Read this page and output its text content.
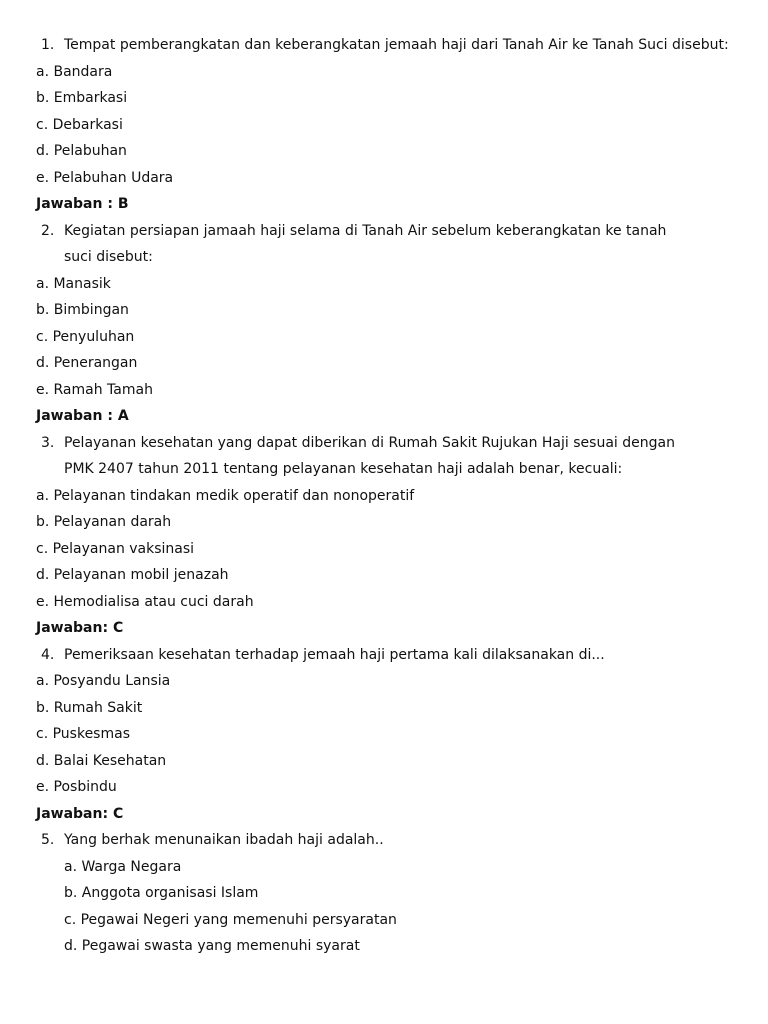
1. Tempat pemberangkatan dan keberangkatan jemaah haji dari Tanah Air ke Tanah Suci disebut:
a. Bandara
b. Embarkasi
c. Debarkasi
d. Pelabuhan
e. Pelabuhan Udara
Jawaban : B
2. Kegiatan persiapan jamaah haji selama di Tanah Air sebelum keberangkatan ke tanah suci disebut:
a. Manasik
b. Bimbingan
c. Penyuluhan
d. Penerangan
e. Ramah Tamah
Jawaban : A
3. Pelayanan kesehatan yang dapat diberikan di Rumah Sakit Rujukan Haji sesuai dengan PMK 2407 tahun 2011 tentang pelayanan kesehatan haji adalah benar, kecuali:
a. Pelayanan tindakan medik operatif dan nonoperatif
b. Pelayanan darah
c. Pelayanan vaksinasi
d. Pelayanan mobil jenazah
e. Hemodialisa atau cuci darah
Jawaban: C
4. Pemeriksaan kesehatan terhadap jemaah haji pertama kali dilaksanakan di...
a. Posyandu Lansia
b. Rumah Sakit
c. Puskesmas
d. Balai Kesehatan
e. Posbindu
Jawaban: C
5. Yang berhak menunaikan ibadah haji adalah..
a. Warga Negara
b. Anggota organisasi Islam
c. Pegawai Negeri yang memenuhi persyaratan
d. Pegawai swasta yang memenuhi syarat
